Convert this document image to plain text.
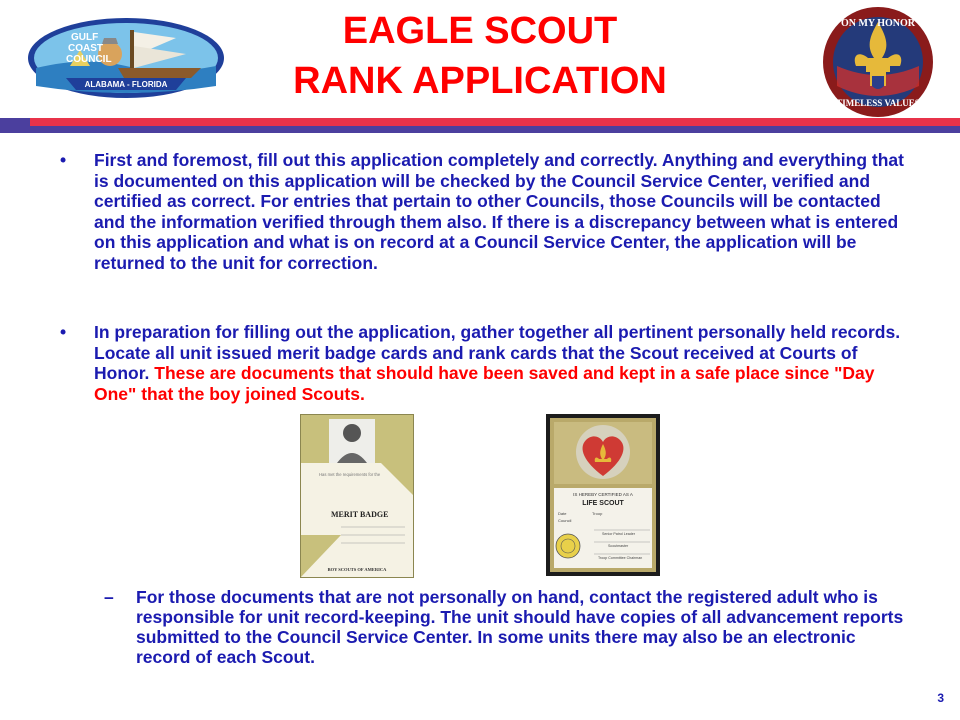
GULF
COAST
COUNCIL
ALABAMA - FLORIDA
EAGLE SCOUT
RANK APPLICATION
ON MY HONOR
TIMELESS VALUES
• First and foremost, fill out this application completely and correctly. Anything and everything that is documented on this application will be checked by the Council Service Center, verified and certified as correct. For entries that pertain to other Councils, those Councils will be contacted and the information verified through them also. If there is a discrepancy between what is entered on this application and what is on record at a Council Service Center, the application will be returned to the unit for correction.
• In preparation for filling out the application, gather together all pertinent personally held records. Locate all unit issued merit badge cards and rank cards that the Scout received at Courts of Honor. These are documents that should have been saved and kept in a safe place since "Day One" that the boy joined Scouts.
Has met the requirements for the
MERIT BADGE
BOY SCOUTS OF AMERICA
IS HEREBY CERTIFIED AS A
LIFE SCOUT
Date	Troop
Council
Senior Patrol Leader
Scoutmaster
Troop Committee Chairman
– For those documents that are not personally on hand, contact the registered adult who is responsible for unit record-keeping. The unit should have copies of all advancement reports submitted to the Council Service Center. In some units there may also be an electronic record of each Scout.
3
